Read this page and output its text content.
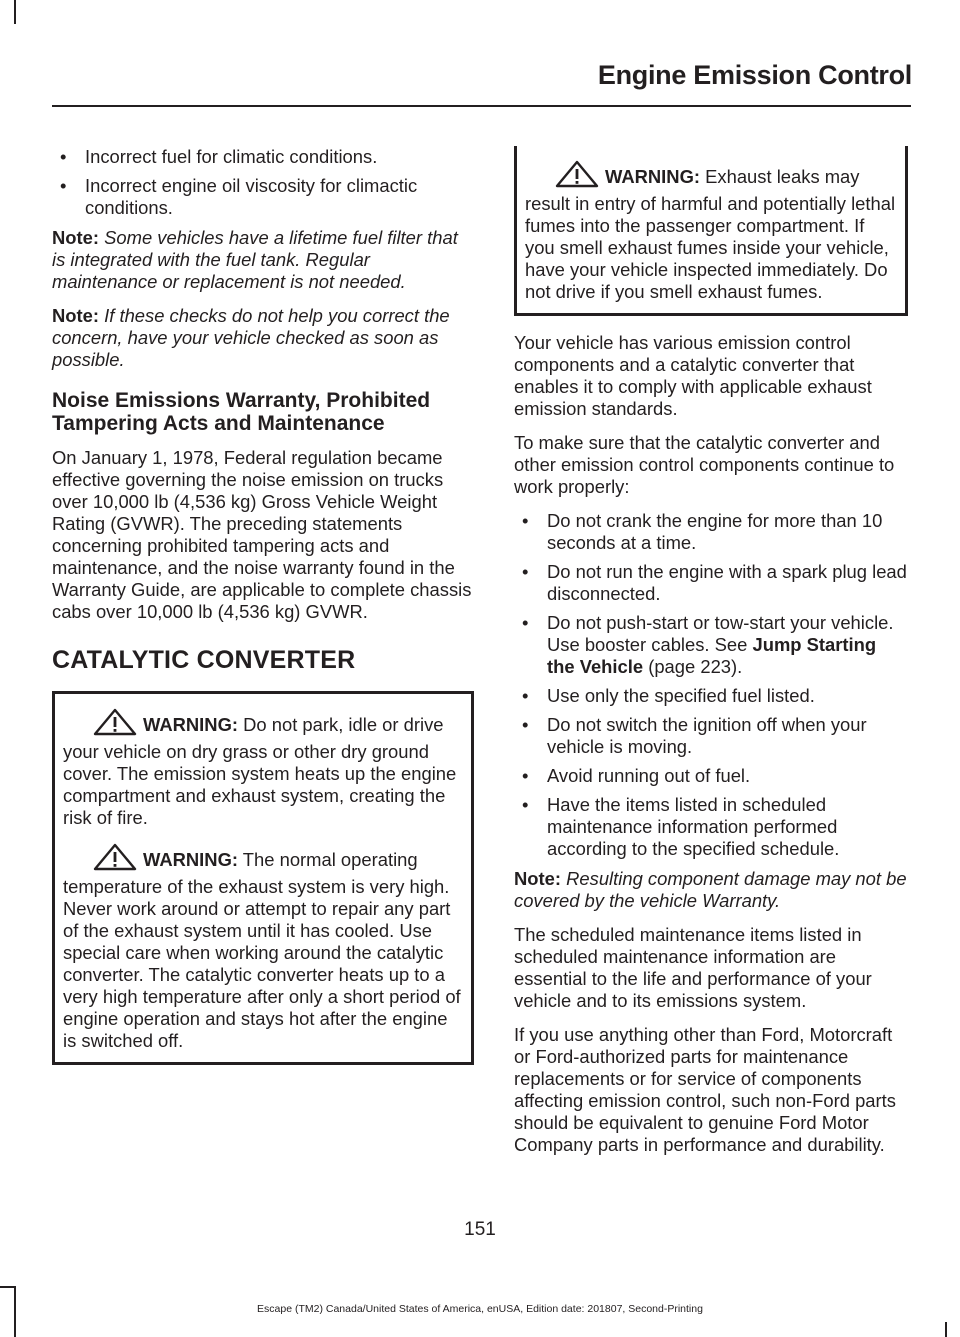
Engine Emission Control
• Incorrect fuel for climatic conditions.
• Incorrect engine oil viscosity for climactic conditions.

Note: Some vehicles have a lifetime fuel filter that is integrated with the fuel tank. Regular maintenance or replacement is not needed.

Note: If these checks do not help you correct the concern, have your vehicle checked as soon as possible.

Noise Emissions Warranty, Prohibited Tampering Acts and Maintenance

On January 1, 1978, Federal regulation became effective governing the noise emission on trucks over 10,000 lb (4,536 kg) Gross Vehicle Weight Rating (GVWR). The preceding statements concerning prohibited tampering acts and maintenance, and the noise warranty found in the Warranty Guide, are applicable to complete chassis cabs over 10,000 lb (4,536 kg) GVWR.

CATALYTIC CONVERTER
WARNING: Do not park, idle or drive your vehicle on dry grass or other dry ground cover. The emission system heats up the engine compartment and exhaust system, creating the risk of fire.
WARNING: The normal operating temperature of the exhaust system is very high. Never work around or attempt to repair any part of the exhaust system until it has cooled. Use special care when working around the catalytic converter. The catalytic converter heats up to a very high temperature after only a short period of engine operation and stays hot after the engine is switched off.
WARNING: Exhaust leaks may result in entry of harmful and potentially lethal fumes into the passenger compartment. If you smell exhaust fumes inside your vehicle, have your vehicle inspected immediately. Do not drive if you smell exhaust fumes.

Your vehicle has various emission control components and a catalytic converter that enables it to comply with applicable exhaust emission standards.

To make sure that the catalytic converter and other emission control components continue to work properly:

• Do not crank the engine for more than 10 seconds at a time.
• Do not run the engine with a spark plug lead disconnected.
• Do not push-start or tow-start your vehicle. Use booster cables. See Jump Starting the Vehicle (page 223).
• Use only the specified fuel listed.
• Do not switch the ignition off when your vehicle is moving.
• Avoid running out of fuel.
• Have the items listed in scheduled maintenance information performed according to the specified schedule.

Note: Resulting component damage may not be covered by the vehicle Warranty.

The scheduled maintenance items listed in scheduled maintenance information are essential to the life and performance of your vehicle and to its emissions system.

If you use anything other than Ford, Motorcraft or Ford-authorized parts for maintenance replacements or for service of components affecting emission control, such non-Ford parts should be equivalent to genuine Ford Motor Company parts in performance and durability.

151
Escape (TM2) Canada/United States of America, enUSA, Edition date: 201807, Second-Printing
